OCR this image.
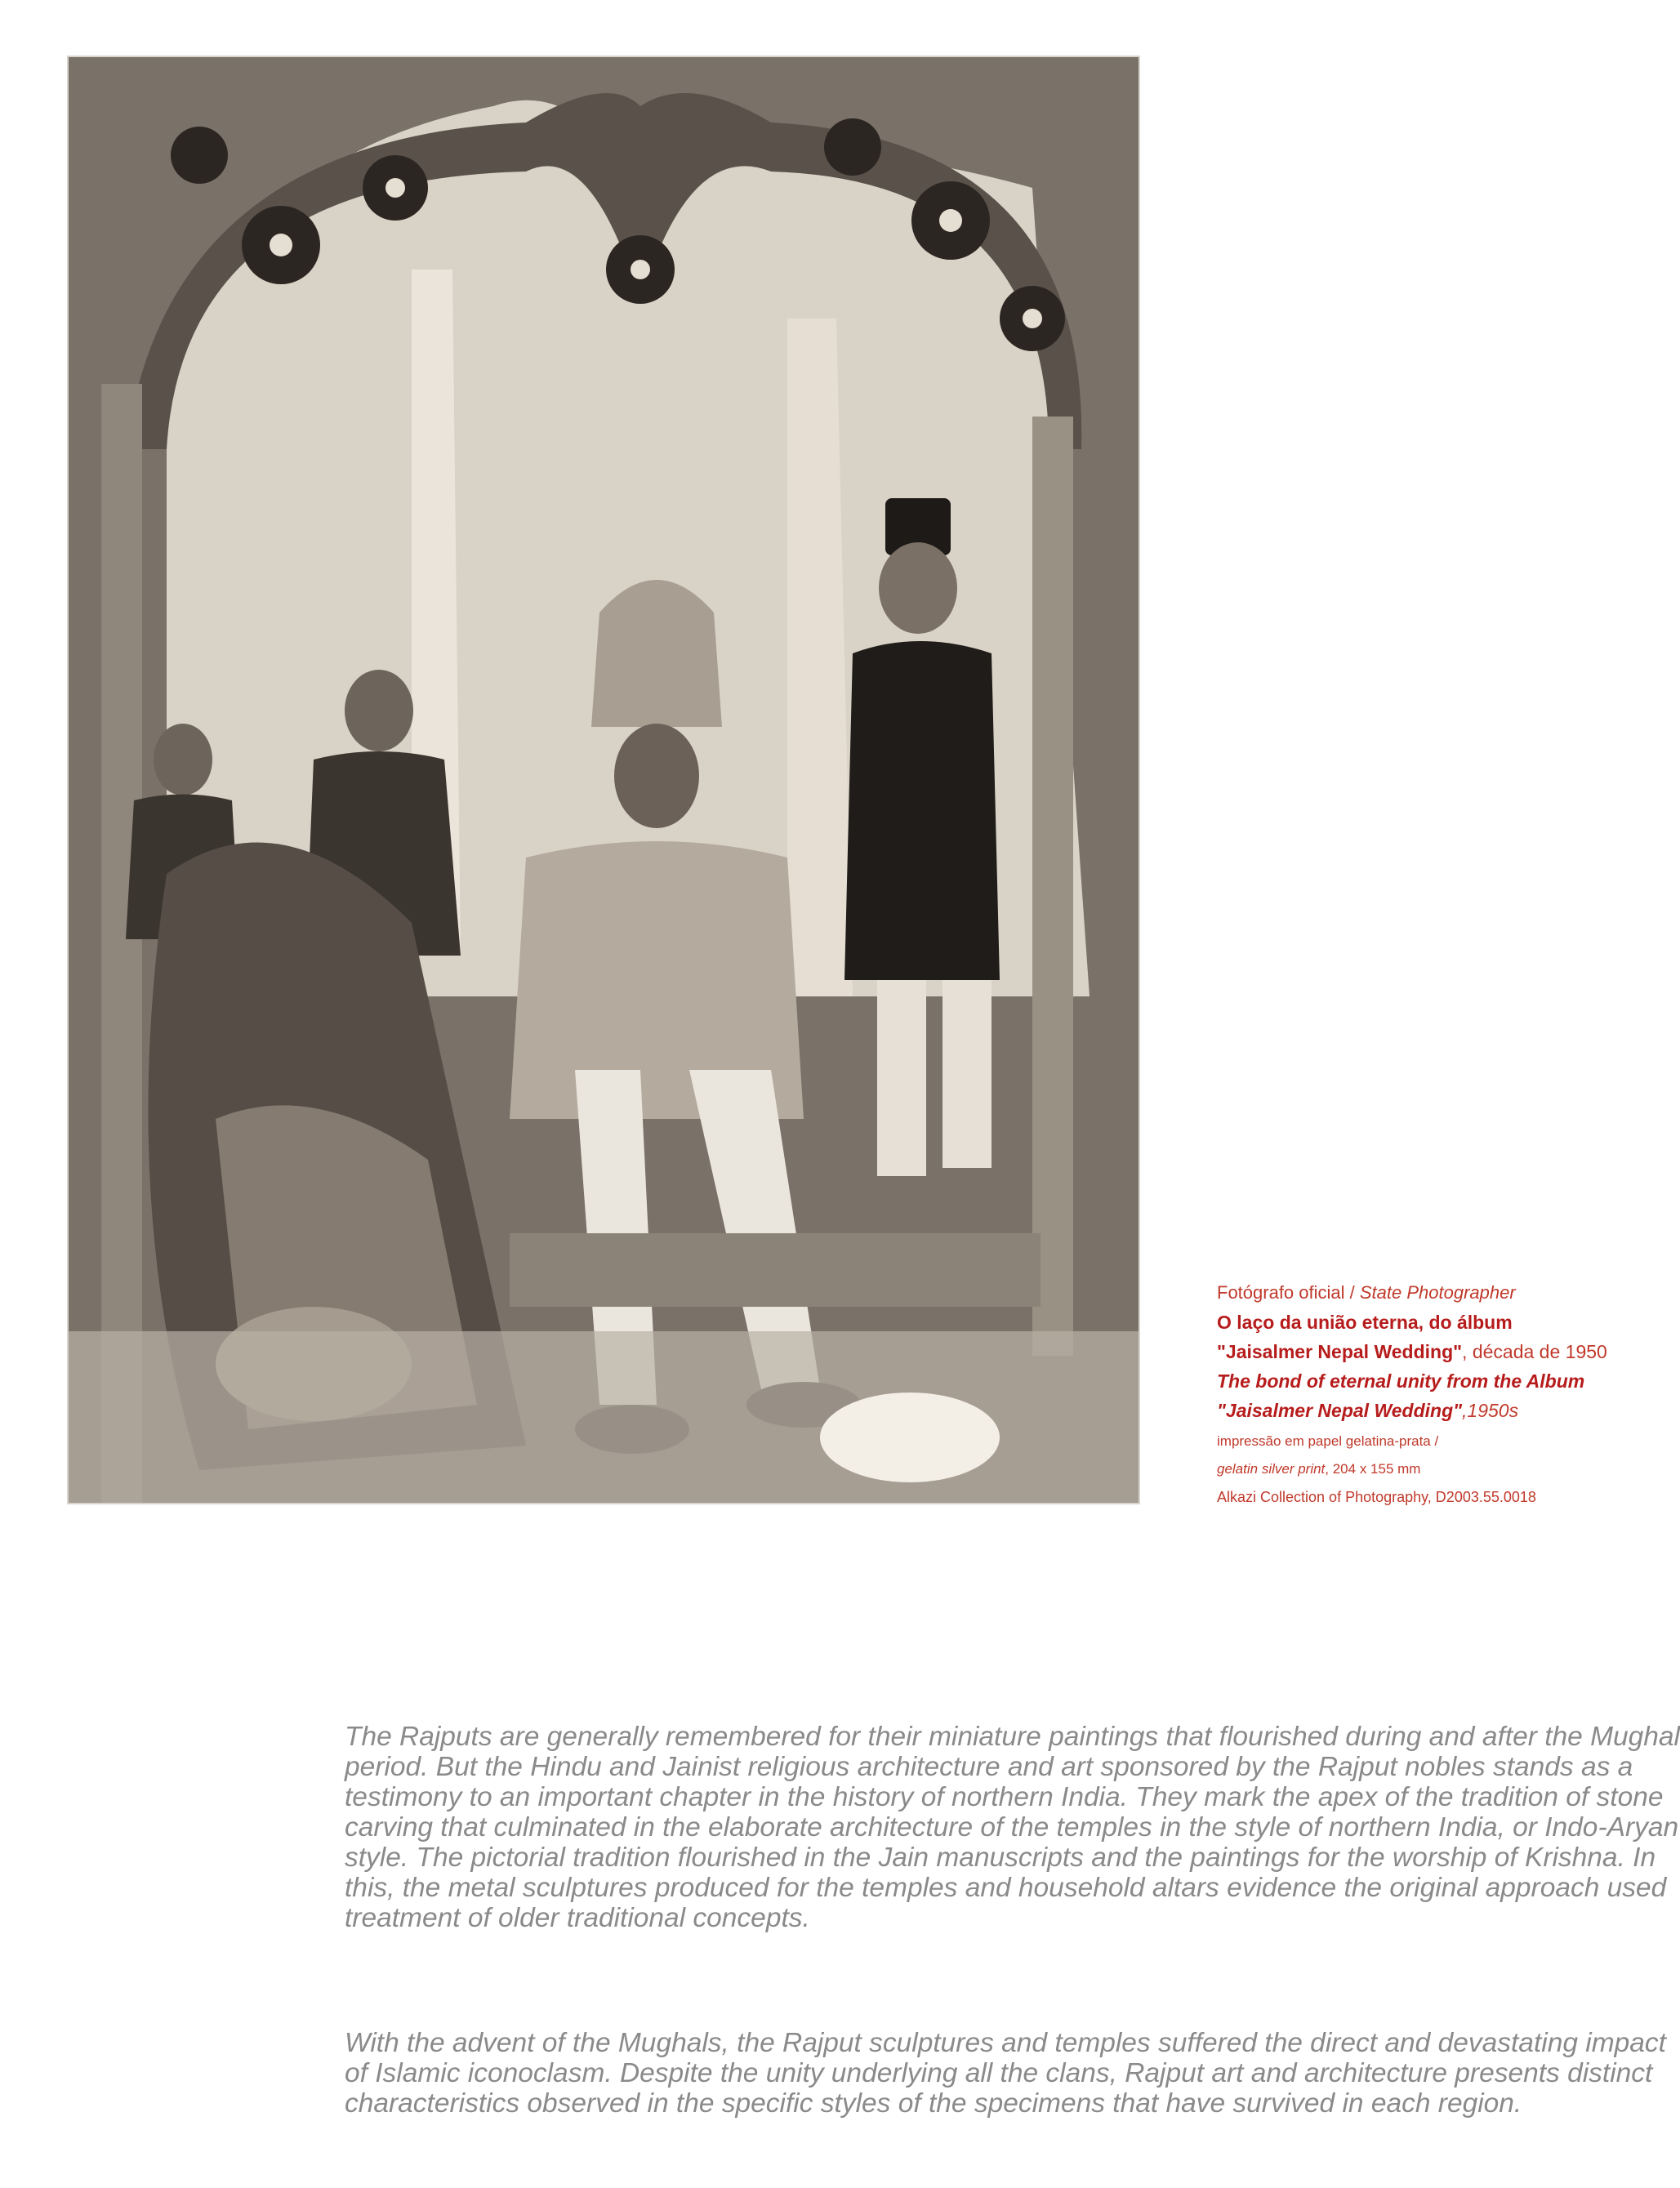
Fotógrafo oficial / State Photographer
O laço da união eterna, do álbum
"Jaisalmer Nepal Wedding", década de 1950
The bond of eternal unity from the Album
"Jaisalmer Nepal Wedding",1950s
impressão em papel gelatina-prata /
gelatin silver print, 204 x 155 mm
Alkazi Collection of Photography, D2003.55.0018
The Rajputs are generally remembered for their miniature paintings that flourished during and after the Mughal
period. But the Hindu and Jainist religious architecture and art sponsored by the Rajput nobles stands as a
testimony to an important chapter in the history of northern India. They mark the apex of the tradition of stone
carving that culminated in the elaborate architecture of the temples in the style of northern India, or Indo-Aryan
style. The pictorial tradition flourished in the Jain manuscripts and the paintings for the worship of Krishna. In
this, the metal sculptures produced for the temples and household altars evidence the original approach used
treatment of older traditional concepts.
With the advent of the Mughals, the Rajput sculptures and temples suffered the direct and devastating impact
of Islamic iconoclasm. Despite the unity underlying all the clans, Rajput art and architecture presents distinct
characteristics observed in the specific styles of the specimens that have survived in each region.
